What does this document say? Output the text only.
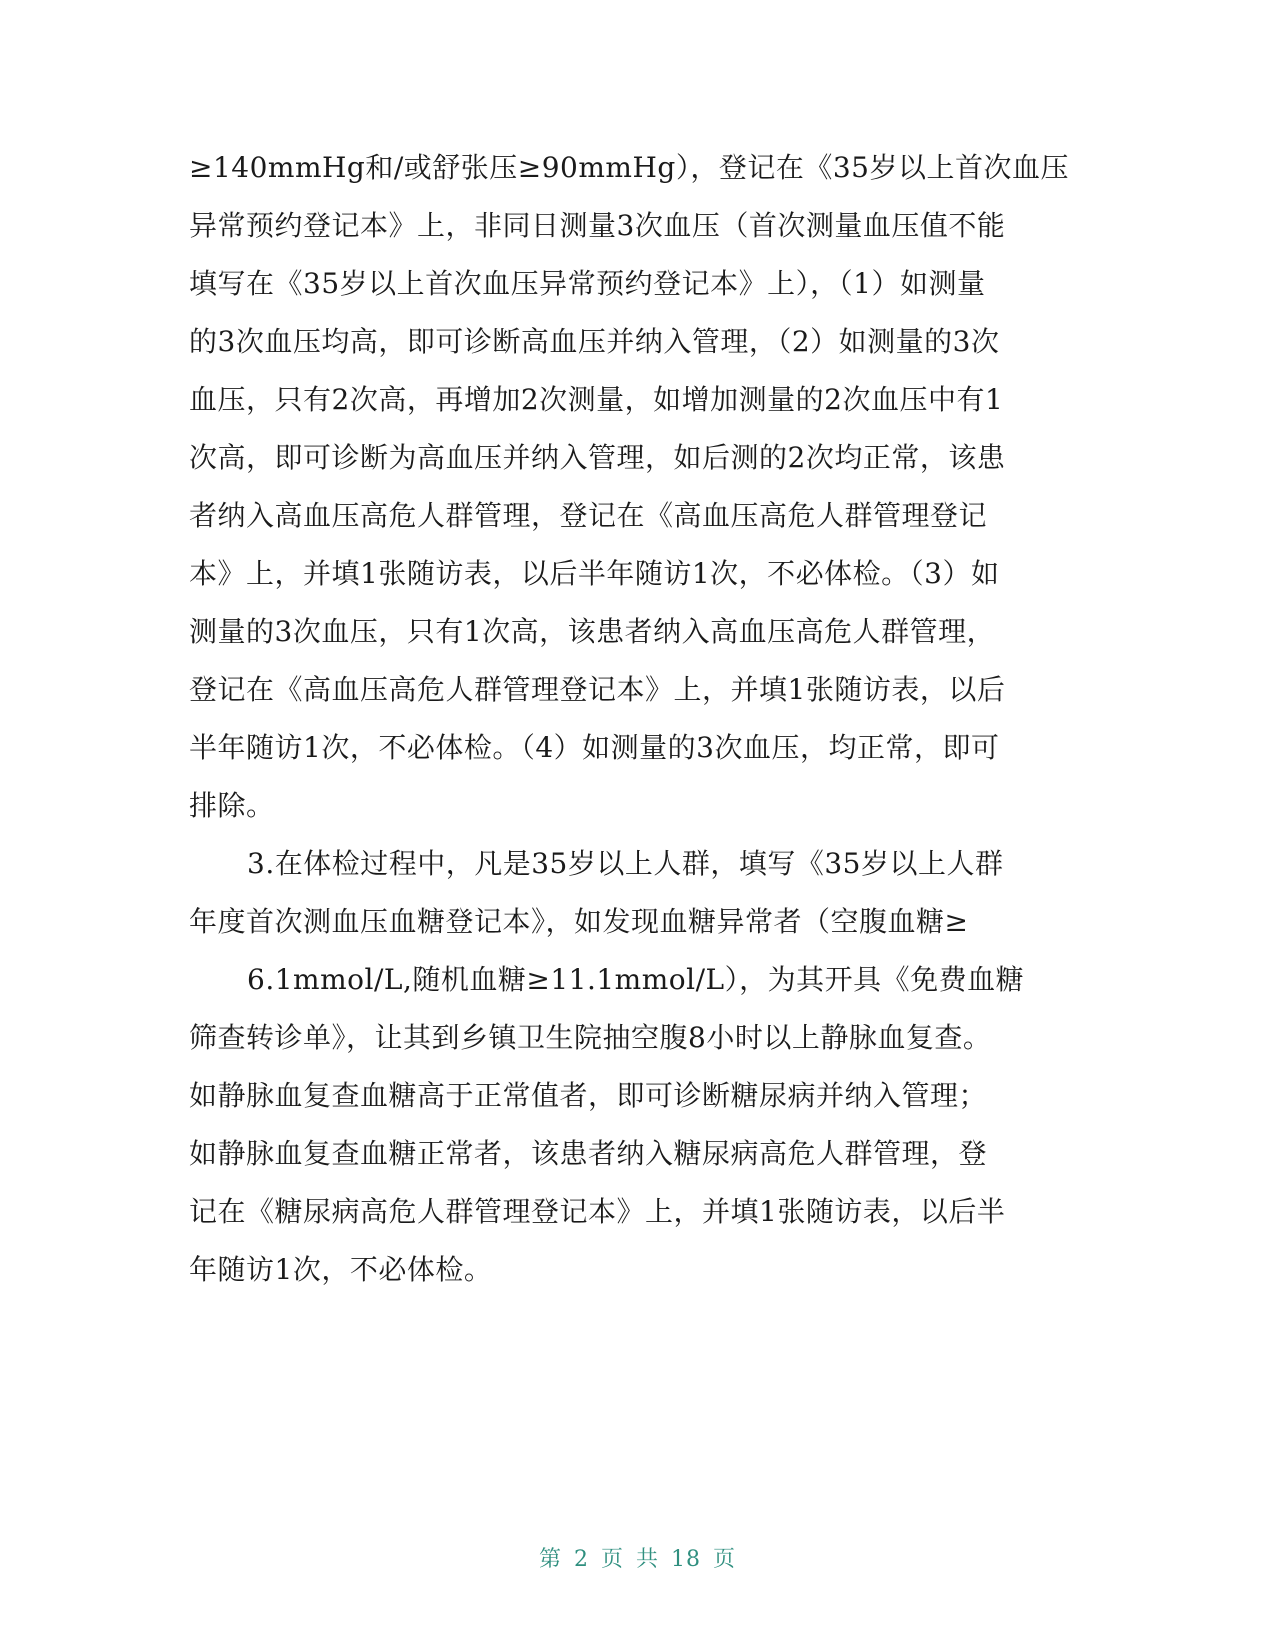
≥140mmHg和/或舒张压≥90mmHg），登记在《35岁以上首次血压
异常预约登记本》上，非同日测量3次血压（首次测量血压值不能
填写在《35岁以上首次血压异常预约登记本》上），（1）如测量
的3次血压均高，即可诊断高血压并纳入管理，（2）如测量的3次
血压，只有2次高，再增加2次测量，如增加测量的2次血压中有1
次高，即可诊断为高血压并纳入管理，如后测的2次均正常，该患
者纳入高血压高危人群管理，登记在《高血压高危人群管理登记
本》上，并填1张随访表，以后半年随访1次，不必体检。（3）如
测量的3次血压，只有1次高，该患者纳入高血压高危人群管理，
登记在《高血压高危人群管理登记本》上，并填1张随访表，以后
半年随访1次，不必体检。（4）如测量的3次血压，均正常，即可
排除。
3.在体检过程中，凡是35岁以上人群，填写《35岁以上人群
年度首次测血压血糖登记本》，如发现血糖异常者（空腹血糖≥
6.1mmol/L,随机血糖≥11.1mmol/L），为其开具《免费血糖
筛查转诊单》，让其到乡镇卫生院抽空腹8小时以上静脉血复查。
如静脉血复查血糖高于正常值者，即可诊断糖尿病并纳入管理；
如静脉血复查血糖正常者，该患者纳入糖尿病高危人群管理，登
记在《糖尿病高危人群管理登记本》上，并填1张随访表，以后半
年随访1次，不必体检。
第 2 页 共 18 页
